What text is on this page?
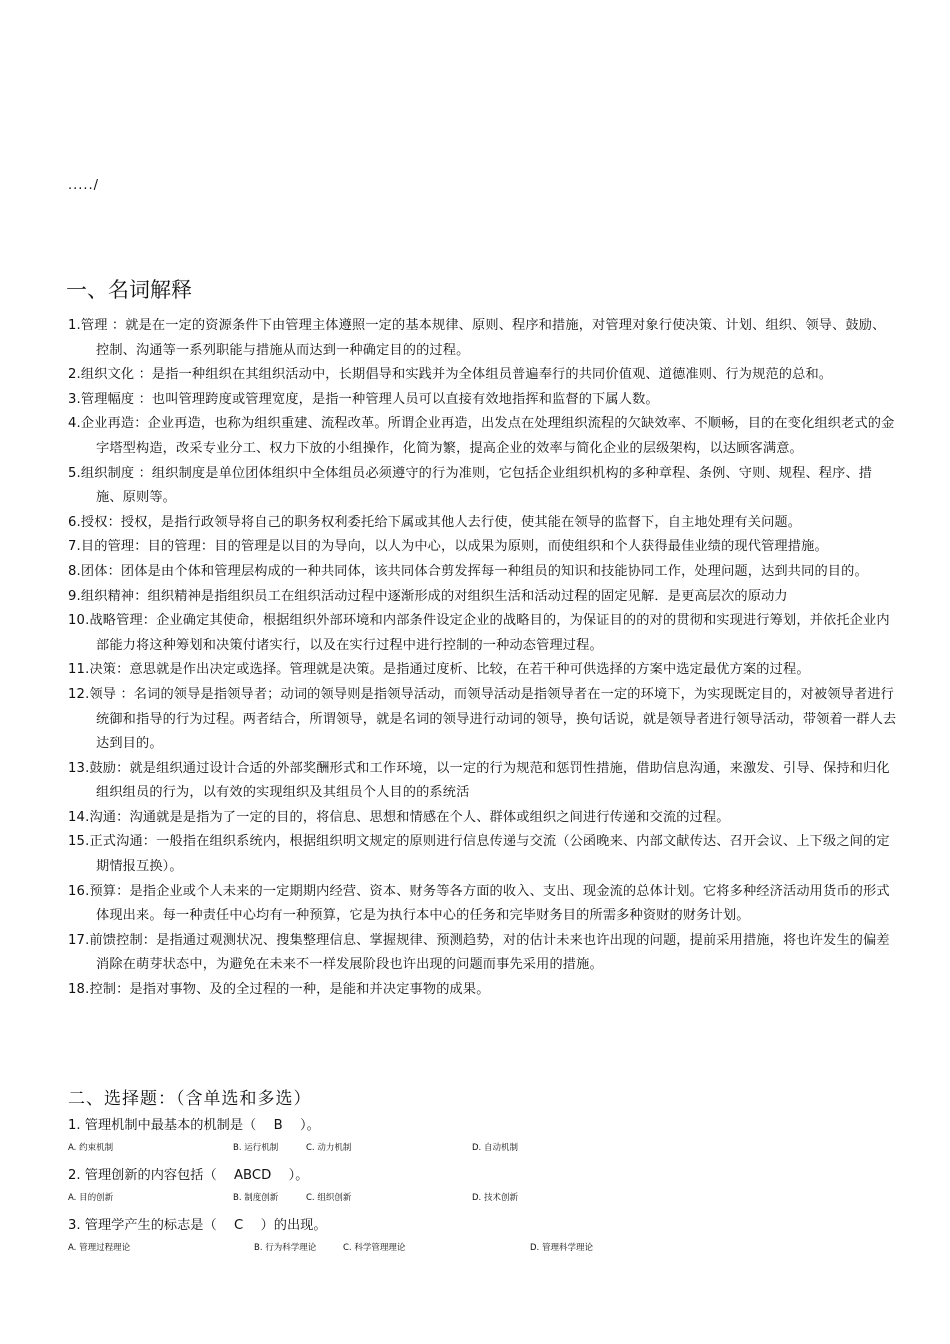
...../
一、名词解释

1.管理 ：就是在一定的资源条件下由管理主体遵照一定的基本规律、原则、程序和措施，对管理对象行使决策、计划、组织、领导、鼓励、控制、沟通等一系列职能与措施从而达到一种确定目的的过程。

2.组织文化 ：是指一种组织在其组织活动中，长期倡导和实践并为全体组员普遍奉行的共同价值观、道德准则、行为规范的总和。

3.管理幅度 ：也叫管理跨度或管理宽度，是指一种管理人员可以直接有效地指挥和监督的下属人数。

4.企业再造：企业再造，也称为组织重建、流程改革。所谓企业再造，出发点在处理组织流程的欠缺效率、不顺畅，目的在变化组织老式的金字塔型构造，改采专业分工、权力下放的小组操作，化简为繁，提高企业的效率与简化企业的层级架构，以达顾客满意。

5.组织制度 ：组织制度是单位团体组织中全体组员必须遵守的行为准则，它包括企业组织机构的多种章程、条例、守则、规程、程序、措施、原则等。

6.授权：授权，是指行政领导将自己的职务权利委托给下属或其他人去行使，使其能在领导的监督下，自主地处理有关问题。

7.目的管理：目的管理：目的管理是以目的为导向，以人为中心，以成果为原则，而使组织和个人获得最佳业绩的现代管理措施。

8.团体：团体是由个体和管理层构成的一种共同体，该共同体合剪发挥每一种组员的知识和技能协同工作，处理问题，达到共同的目的。

9.组织精神：组织精神是指组织员工在组织活动过程中逐渐形成的对组织生活和活动过程的固定见解．是更高层次的原动力

10.战略管理：企业确定其使命，根据组织外部环境和内部条件设定企业的战略目的，为保证目的的对的贯彻和实现进行筹划，并依托企业内部能力将这种筹划和决策付诸实行，以及在实行过程中进行控制的一种动态管理过程。

11.决策：意思就是作出决定或选择。管理就是决策。是指通过度析、比较，在若干种可供选择的方案中选定最优方案的过程。

12.领导 ：名词的领导是指领导者；动词的领导则是指领导活动，而领导活动是指领导者在一定的环境下，为实现既定目的，对被领导者进行统御和指导的行为过程。两者结合，所谓领导，就是名词的领导进行动词的领导，换句话说，就是领导者进行领导活动，带领着一群人去达到目的。

13.鼓励：就是组织通过设计合适的外部奖酬形式和工作环境，以一定的行为规范和惩罚性措施，借助信息沟通，来激发、引导、保持和归化组织组员的行为，以有效的实现组织及其组员个人目的的系统活

14.沟通：沟通就是是指为了一定的目的，将信息、思想和情感在个人、群体或组织之间进行传递和交流的过程。

15.正式沟通：一般指在组织系统内，根据组织明文规定的原则进行信息传递与交流（公函晚来、内部文献传达、召开会议、上下级之间的定期情报互换）。

16.预算：是指企业或个人未来的一定期期内经营、资本、财务等各方面的收入、支出、现金流的总体计划。它将多种经济活动用货币的形式体现出来。每一种责任中心均有一种预算，它是为执行本中心的任务和完毕财务目的所需多种资财的财务计划。

17.前馈控制：是指通过观测状况、搜集整理信息、掌握规律、预测趋势，对的估计未来也许出现的问题，提前采用措施，将也许发生的偏差消除在萌芽状态中，为避免在未来不一样发展阶段也许出现的问题而事先采用的措施。

18.控制：是指对事物、及的全过程的一种，是能和并决定事物的成果。

二、选择题：（含单选和多选）
1. 管理机制中最基本的机制是（　 B 　）。
A. 约束机制	B. 运行机制	C. 动力机制	D. 自动机制
2. 管理创新的内容包括（　 ABCD 　）。
A. 目的创新	B. 制度创新	C. 组织创新	D. 技术创新
3. 管理学产生的标志是（　 C 　）的出现。
A. 管理过程理论	B. 行为科学理论	C. 科学管理理论	D. 管理科学理论
